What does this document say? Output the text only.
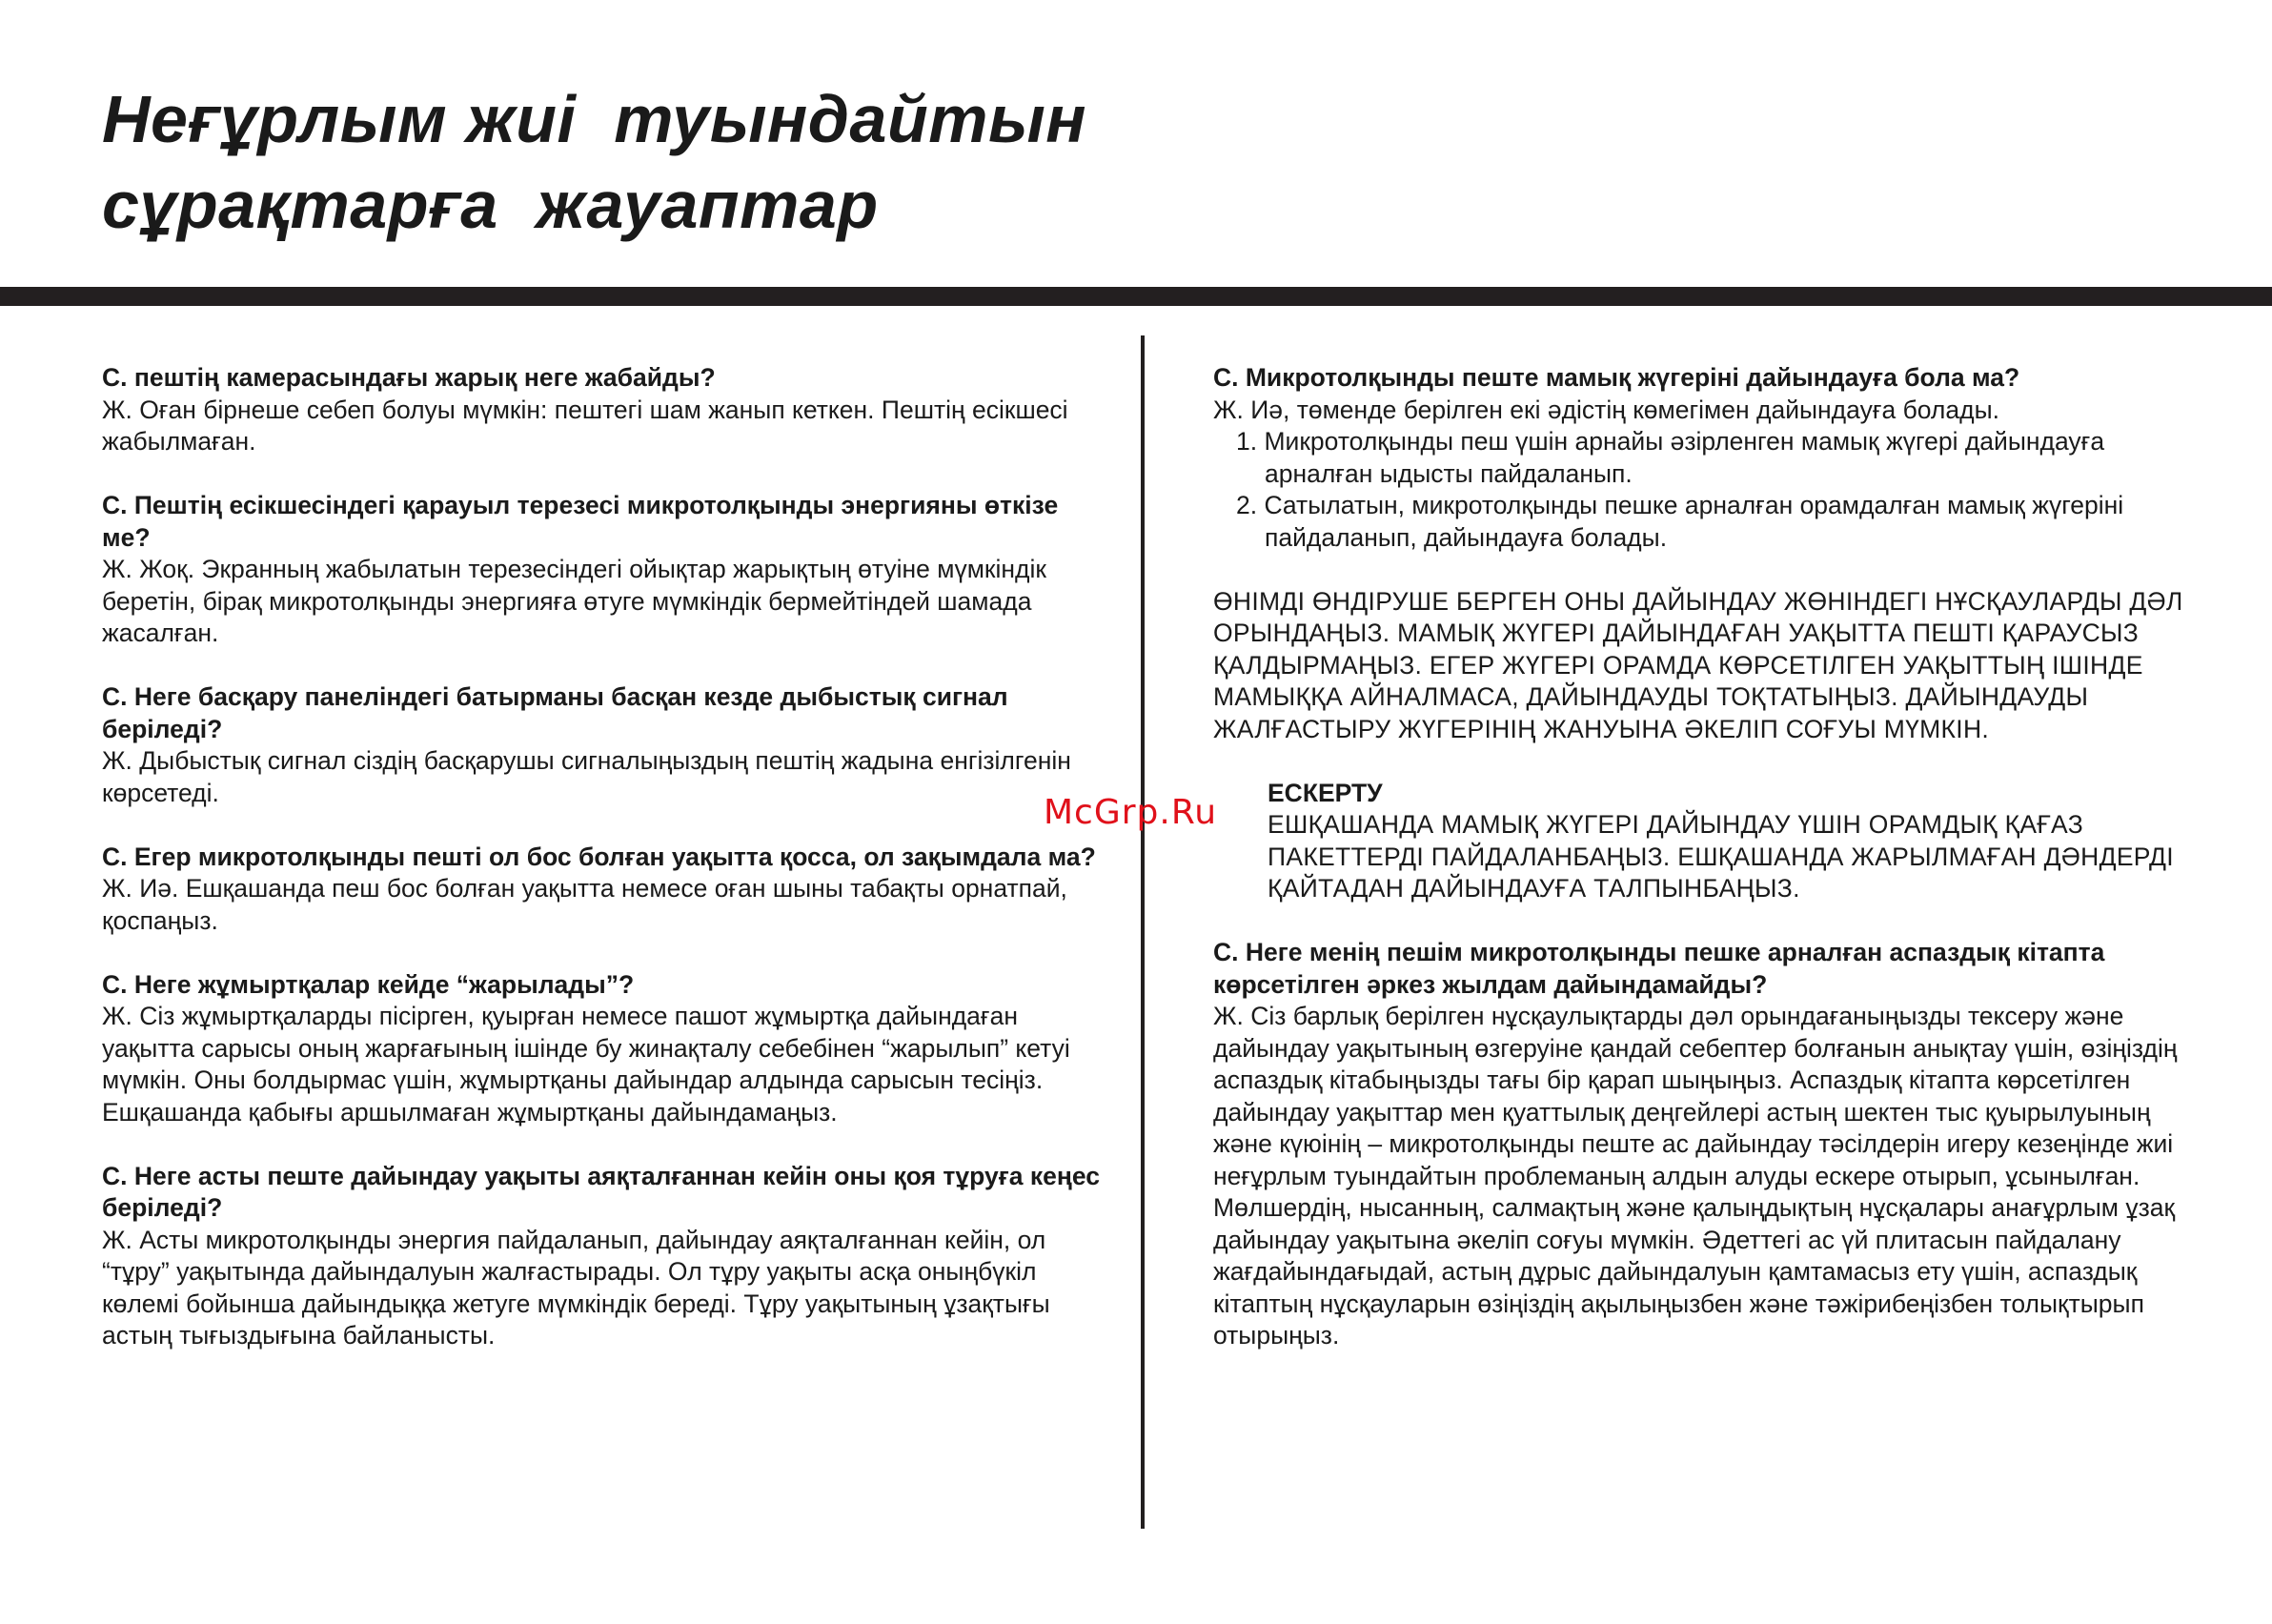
Неғұрлым жиі  туындайтын
сұрақтарға  жауаптар
McGrp.Ru

С. пештің камерасындағы жарық неге жабайды?

Ж. Оған бірнеше себеп болуы мүмкін: пештегі шам жанып кеткен. Пештің есікшесі жабылмаған.

С. Пештің есікшесіндегі қарауыл терезесі микротолқынды энергияны өткізе ме?

Ж. Жоқ. Экранның жабылатын терезесіндегі ойықтар жарықтың өтуіне мүмкіндік беретін, бірақ микротолқынды энергияға өтуге мүмкіндік бермейтіндей шамада жасалған.

С. Неге басқару панеліндегі батырманы басқан кезде дыбыстық сигнал беріледі?

Ж. Дыбыстық сигнал сіздің басқарушы сигналыңыздың пештің жадына енгізілгенін көрсетеді.

С. Егер микротолқынды пешті ол бос болған уақытта қосса, ол зақымдала ма?

Ж. Иә. Ешқашанда пеш бос болған уақытта немесе оған шыны табақты орнатпай, қоспаңыз.

С. Неге жұмыртқалар кейде “жарылады”?

Ж. Сіз жұмыртқаларды пісірген, қуырған немесе пашот жұмыртқа дайындаған уақытта сарысы оның жарғағының ішінде бу жинақталу себебінен “жарылып” кетуі мүмкін. Оны болдырмас үшін, жұмыртқаны дайындар алдында сарысын тесіңіз. Ешқашанда қабығы аршылмаған жұмыртқаны дайындамаңыз.

С. Неге асты пеште дайындау уақыты аяқталғаннан кейін оны қоя тұруға кеңес беріледі?

Ж. Асты микротолқынды энергия пайдаланып, дайындау аяқталғаннан кейін, ол “тұру” уақытында дайындалуын жалғастырады. Ол тұру уақыты асқа оныңбүкіл көлемі бойынша дайындыққа жетуге мүмкіндік береді. Тұру уақытының ұзақтығы астың тығыздығына байланысты.

С. Микротолқынды пеште мамық жүгеріні дайындауға бола ма?

Ж. Иә, төменде берілген екі әдістің көмегімен дайындауға болады.

1. Микротолқынды пеш үшін арнайы әзірленген мамық жүгері дайындауға арналған ыдысты пайдаланып.
2. Сатылатын, микротолқынды пешке арналған орамдалған мамық жүгеріні пайдаланып, дайындауға болады.

ӨНІМДІ ӨНДІРУШЕ БЕРГЕН ОНЫ ДАЙЫНДАУ ЖӨНІНДЕГІ НҰСҚАУЛАРДЫ ДӘЛ ОРЫНДАҢЫЗ. МАМЫҚ ЖҮГЕРІ ДАЙЫНДАҒАН УАҚЫТТА ПЕШТІ ҚАРАУСЫЗ ҚАЛДЫРМАҢЫЗ. ЕГЕР ЖҮГЕРІ ОРАМДА КӨРСЕТІЛГЕН УАҚЫТТЫҢ ІШІНДЕ МАМЫҚҚА АЙНАЛМАСА, ДАЙЫНДАУДЫ ТОҚТАТЫҢЫЗ. ДАЙЫНДАУДЫ ЖАЛҒАСТЫРУ ЖҮГЕРІНІҢ ЖАНУЫНА ӘКЕЛІП СОҒУЫ МҮМКІН.

ЕСКЕРТУ

ЕШҚАШАНДА МАМЫҚ ЖҮГЕРІ ДАЙЫНДАУ ҮШІН ОРАМДЫҚ ҚАҒАЗ ПАКЕТТЕРДІ ПАЙДАЛАНБАҢЫЗ. ЕШҚАШАНДА ЖАРЫЛМАҒАН ДӘНДЕРДІ ҚАЙТАДАН ДАЙЫНДАУҒА ТАЛПЫНБАҢЫЗ.

С. Неге менің пешім микротолқынды пешке арналған аспаздық кітапта көрсетілген әркез жылдам дайындамайды?

Ж. Сіз барлық берілген нұсқаулықтарды дәл орындағаныңызды тексеру және дайындау уақытының өзгеруіне қандай себептер болғанын анықтау үшін, өзіңіздің аспаздық кітабыңызды тағы бір қарап шыңыңыз. Аспаздық кітапта көрсетілген дайындау уақыттар мен қуаттылық деңгейлері астың шектен тыс қуырылуының және күюінің – микротолқынды пеште ас дайындау тәсілдерін игеру кезеңінде жиі неғұрлым туындайтын проблеманың алдын алуды ескере отырып, ұсынылған. Мөлшердің, нысанның, салмақтың және қалыңдықтың нұсқалары анағұрлым ұзақ дайындау уақытына әкеліп соғуы мүмкін. Әдеттегі ас үй плитасын пайдалану жағдайындағыдай, астың дұрыс дайындалуын қамтамасыз ету үшін, аспаздық кітаптың нұсқауларын өзіңіздің ақылыңызбен және тәжірибеңізбен толықтырып отырыңыз.
